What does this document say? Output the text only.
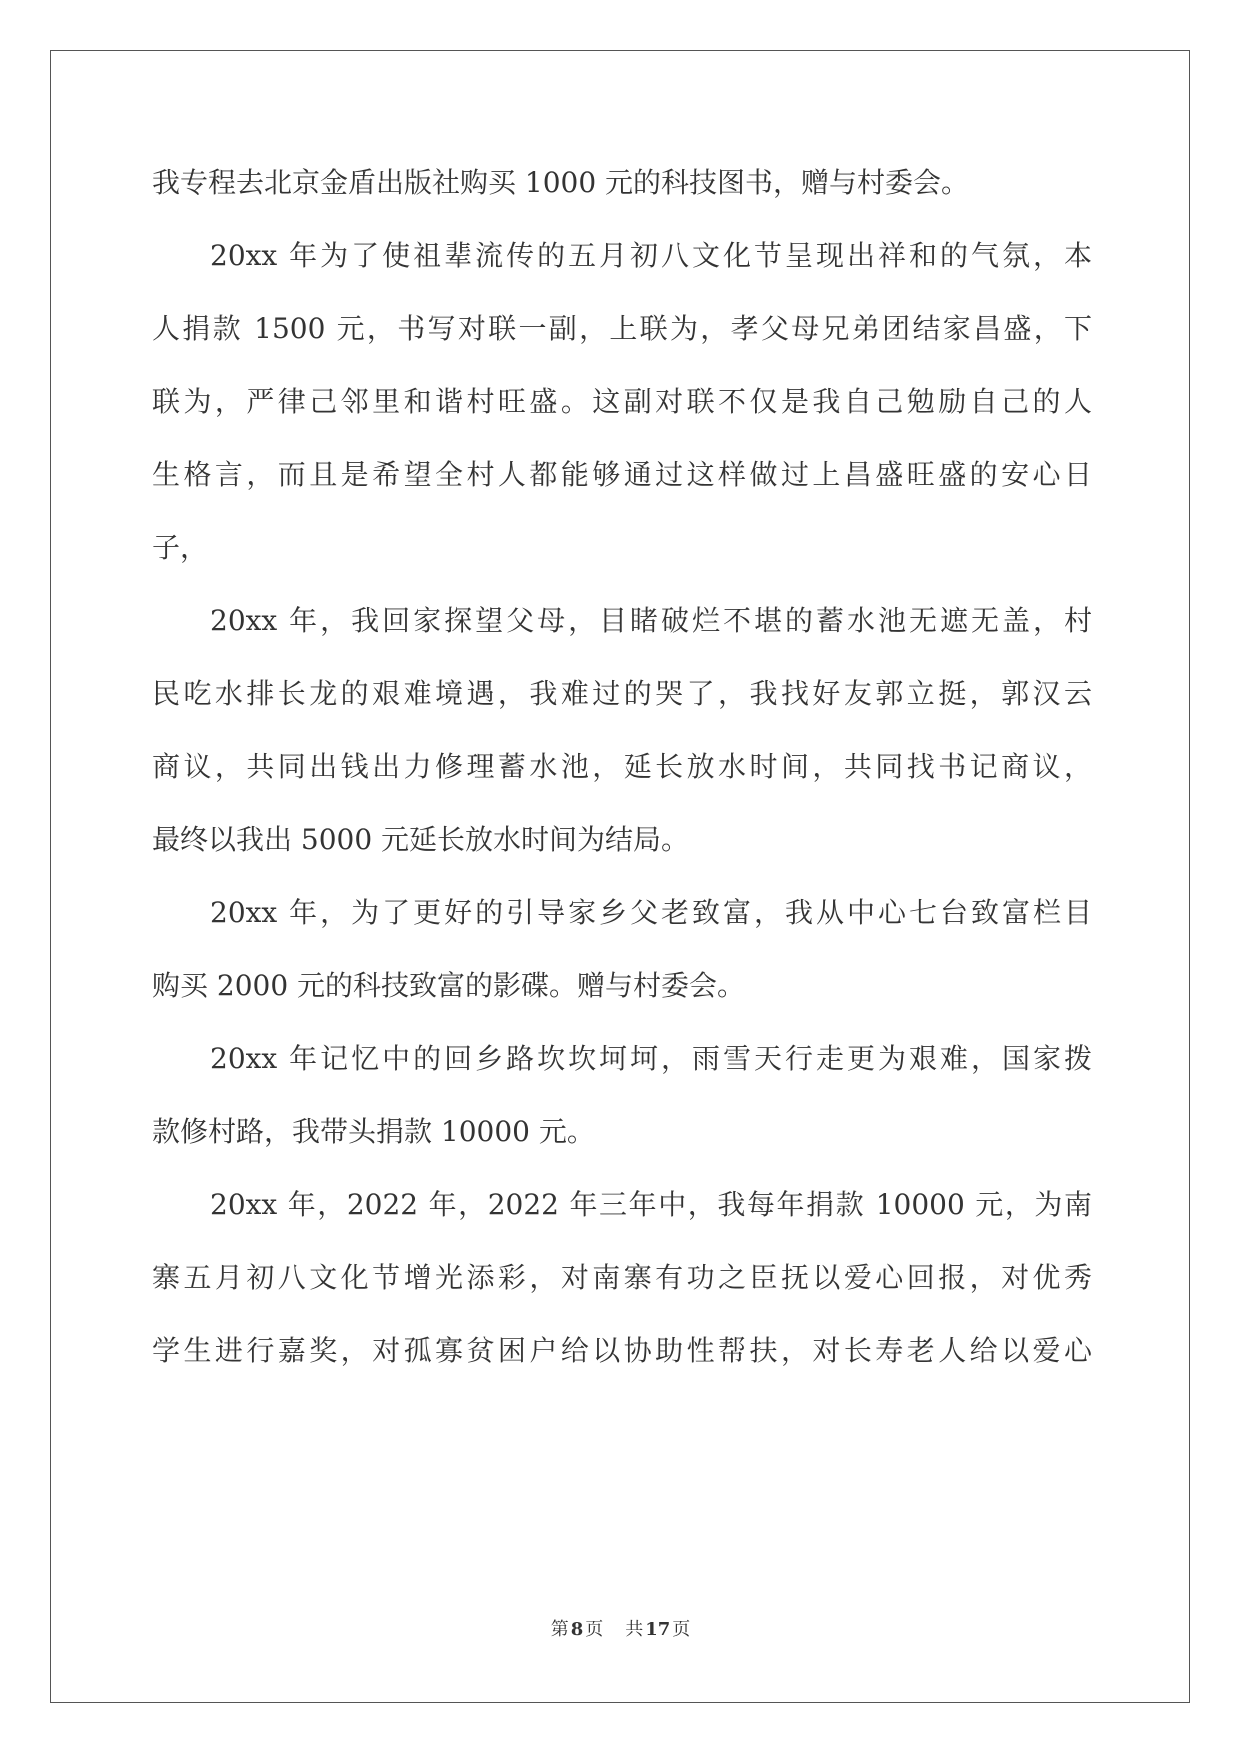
我专程去北京金盾出版社购买 1000 元的科技图书，赠与村委会。
20xx 年为了使祖辈流传的五月初八文化节呈现出祥和的气氛，本
人捐款 1500 元，书写对联一副，上联为，孝父母兄弟团结家昌盛，下
联为，严律己邻里和谐村旺盛。这副对联不仅是我自己勉励自己的人
生格言，而且是希望全村人都能够通过这样做过上昌盛旺盛的安心日
子，
20xx 年，我回家探望父母，目睹破烂不堪的蓄水池无遮无盖，村
民吃水排长龙的艰难境遇，我难过的哭了，我找好友郭立挺，郭汉云
商议，共同出钱出力修理蓄水池，延长放水时间，共同找书记商议，
最终以我出 5000 元延长放水时间为结局。
20xx 年，为了更好的引导家乡父老致富，我从中心七台致富栏目
购买 2000 元的科技致富的影碟。赠与村委会。
20xx 年记忆中的回乡路坎坎坷坷，雨雪天行走更为艰难，国家拨
款修村路，我带头捐款 10000 元。
20xx 年，2022 年，2022 年三年中，我每年捐款 10000 元，为南
寨五月初八文化节增光添彩，对南寨有功之臣抚以爱心回报，对优秀
学生进行嘉奖，对孤寡贫困户给以协助性帮扶，对长寿老人给以爱心
第 8 页 共 17 页
